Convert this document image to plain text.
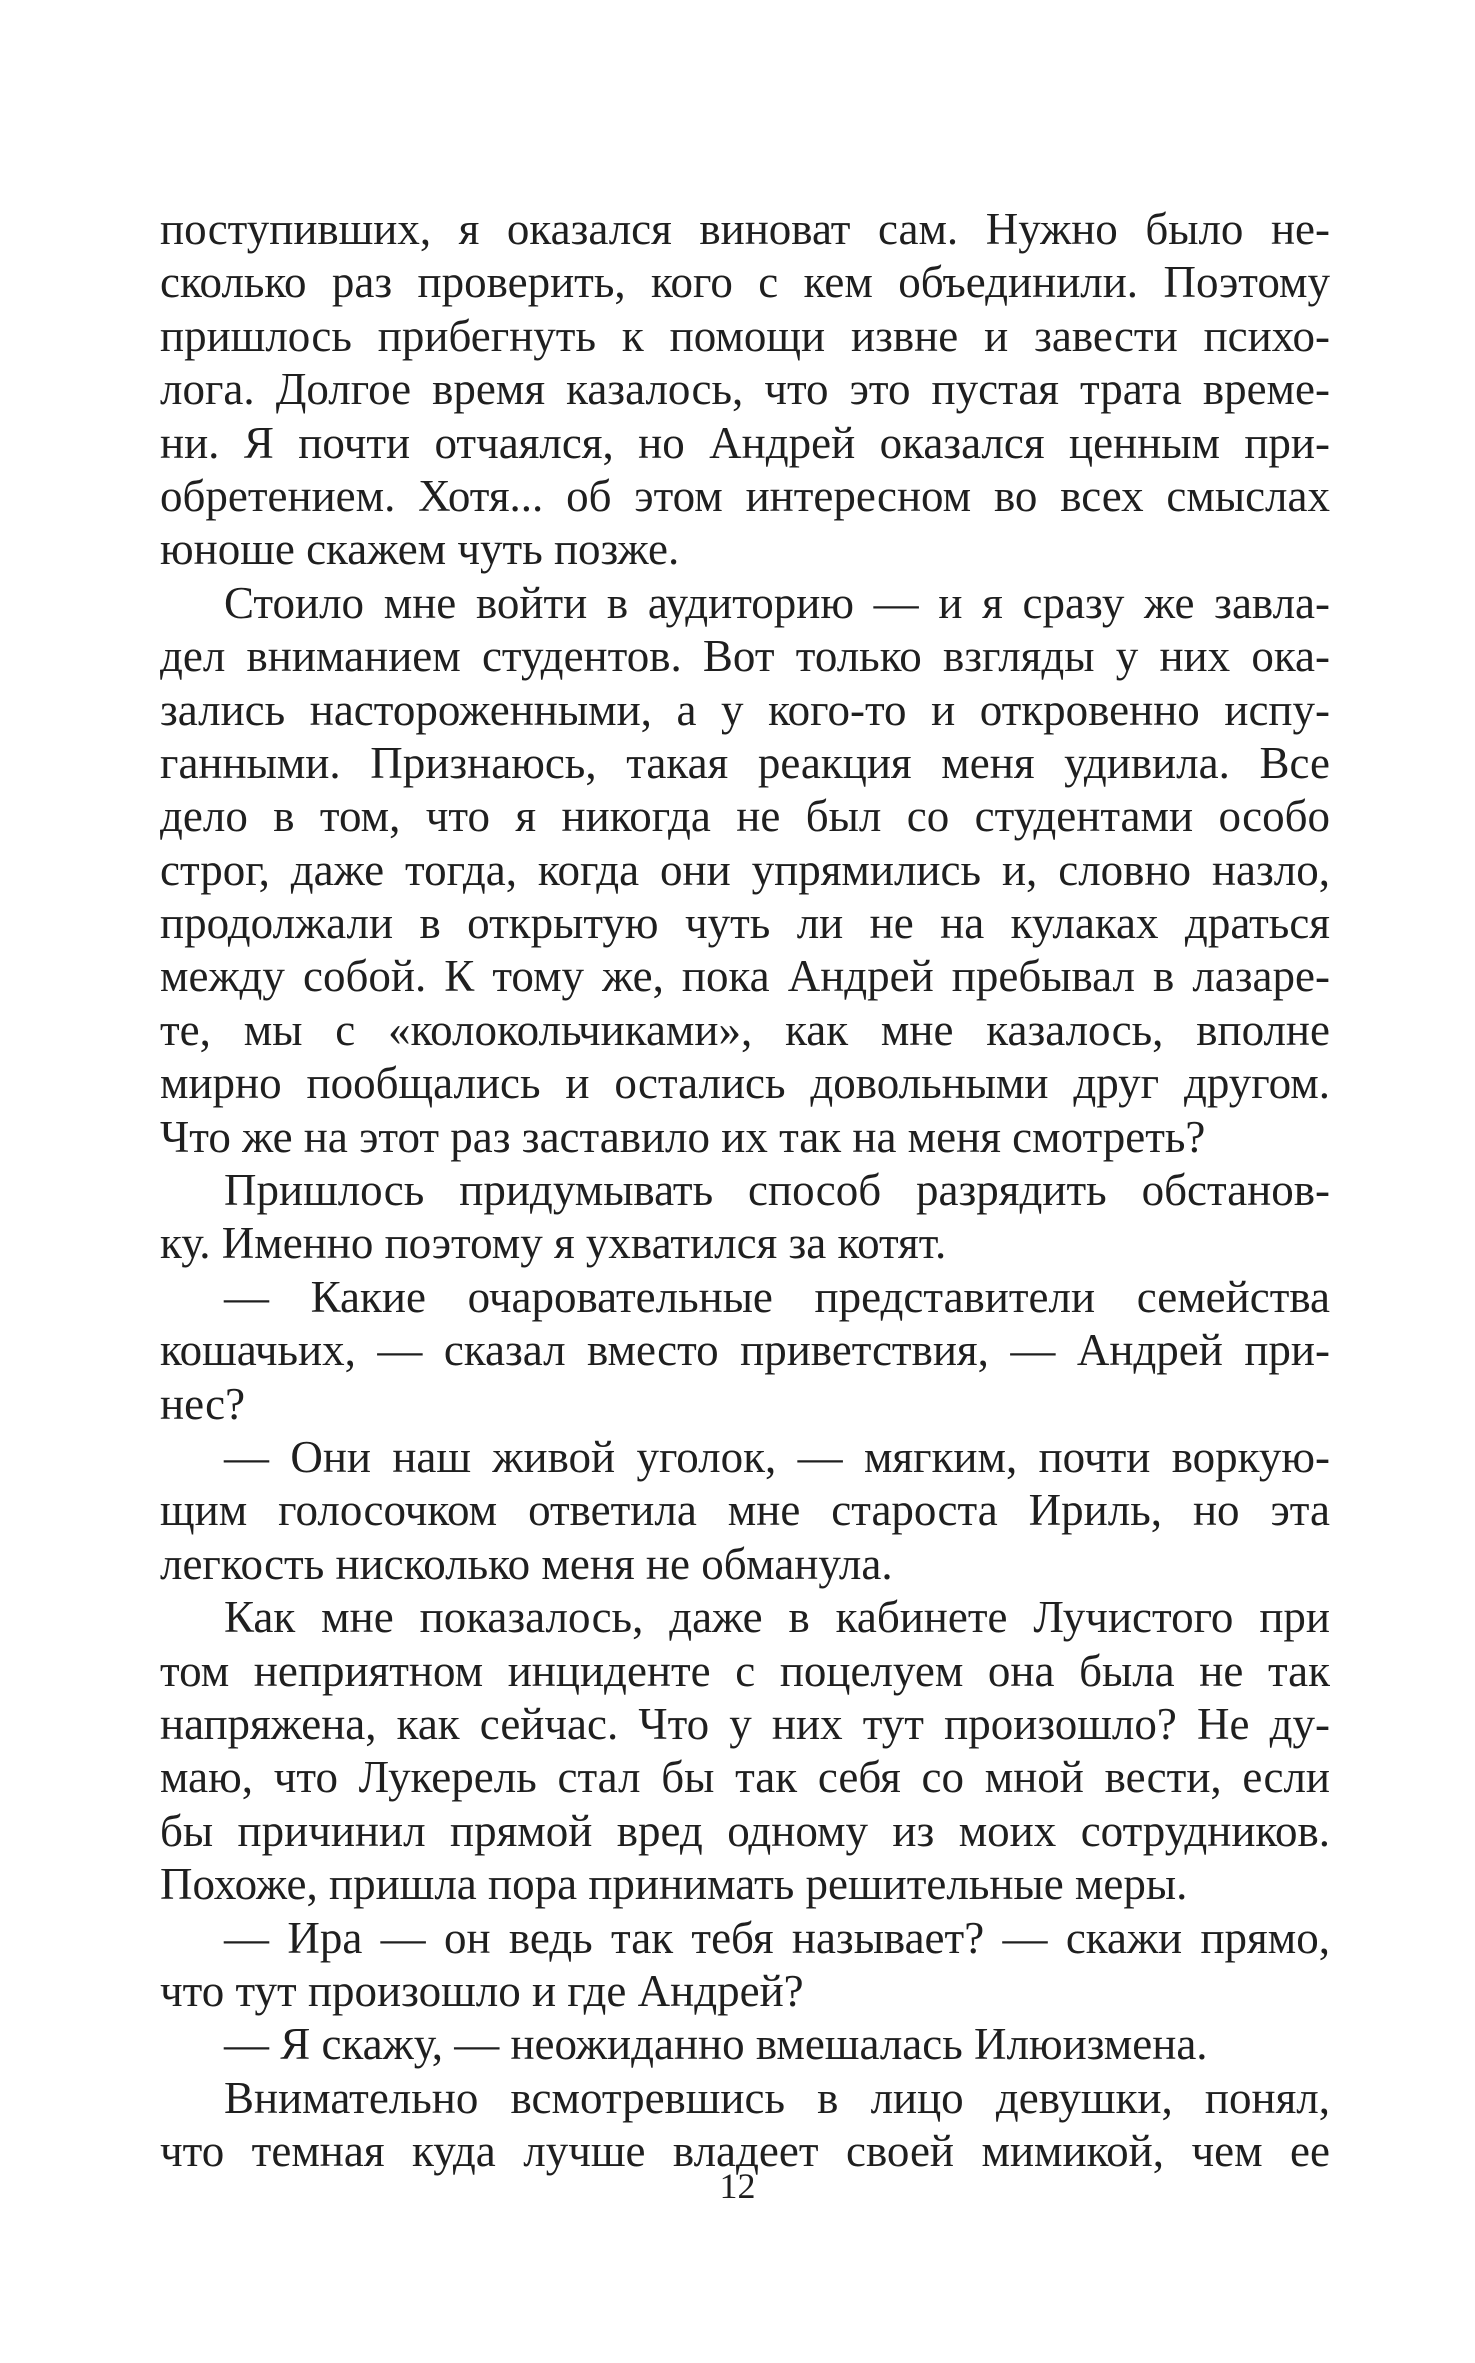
поступивших, я оказался виноват сам. Нужно было не-
сколько раз проверить, кого с кем объединили. Поэтому
пришлось прибегнуть к помощи извне и завести психо-
лога. Долгое время казалось, что это пустая трата време-
ни. Я почти отчаялся, но Андрей оказался ценным при-
обретением. Хотя... об этом интересном во всех смыслах
юноше скажем чуть позже.
Стоило мне войти в аудиторию — и я сразу же завла-
дел вниманием студентов. Вот только взгляды у них ока-
зались настороженными, а у кого-то и откровенно испу-
ганными. Признаюсь, такая реакция меня удивила. Все
дело в том, что я никогда не был со студентами особо
строг, даже тогда, когда они упрямились и, словно назло,
продолжали в открытую чуть ли не на кулаках драться
между собой. К тому же, пока Андрей пребывал в лазаре-
те, мы с «колокольчиками», как мне казалось, вполне
мирно пообщались и остались довольными друг другом.
Что же на этот раз заставило их так на меня смотреть?
Пришлось придумывать способ разрядить обстанов-
ку. Именно поэтому я ухватился за котят.
— Какие очаровательные представители семейства
кошачьих, — сказал вместо приветствия, — Андрей при-
нес?
— Они наш живой уголок, — мягким, почти воркую-
щим голосочком ответила мне староста Ириль, но эта
легкость нисколько меня не обманула.
Как мне показалось, даже в кабинете Лучистого при
том неприятном инциденте с поцелуем она была не так
напряжена, как сейчас. Что у них тут произошло? Не ду-
маю, что Лукерель стал бы так себя со мной вести, если
бы причинил прямой вред одному из моих сотрудников.
Похоже, пришла пора принимать решительные меры.
— Ира — он ведь так тебя называет? — скажи прямо,
что тут произошло и где Андрей?
— Я скажу, — неожиданно вмешалась Илюизмена.
Внимательно всмотревшись в лицо девушки, понял,
что темная куда лучше владеет своей мимикой, чем ее
12
